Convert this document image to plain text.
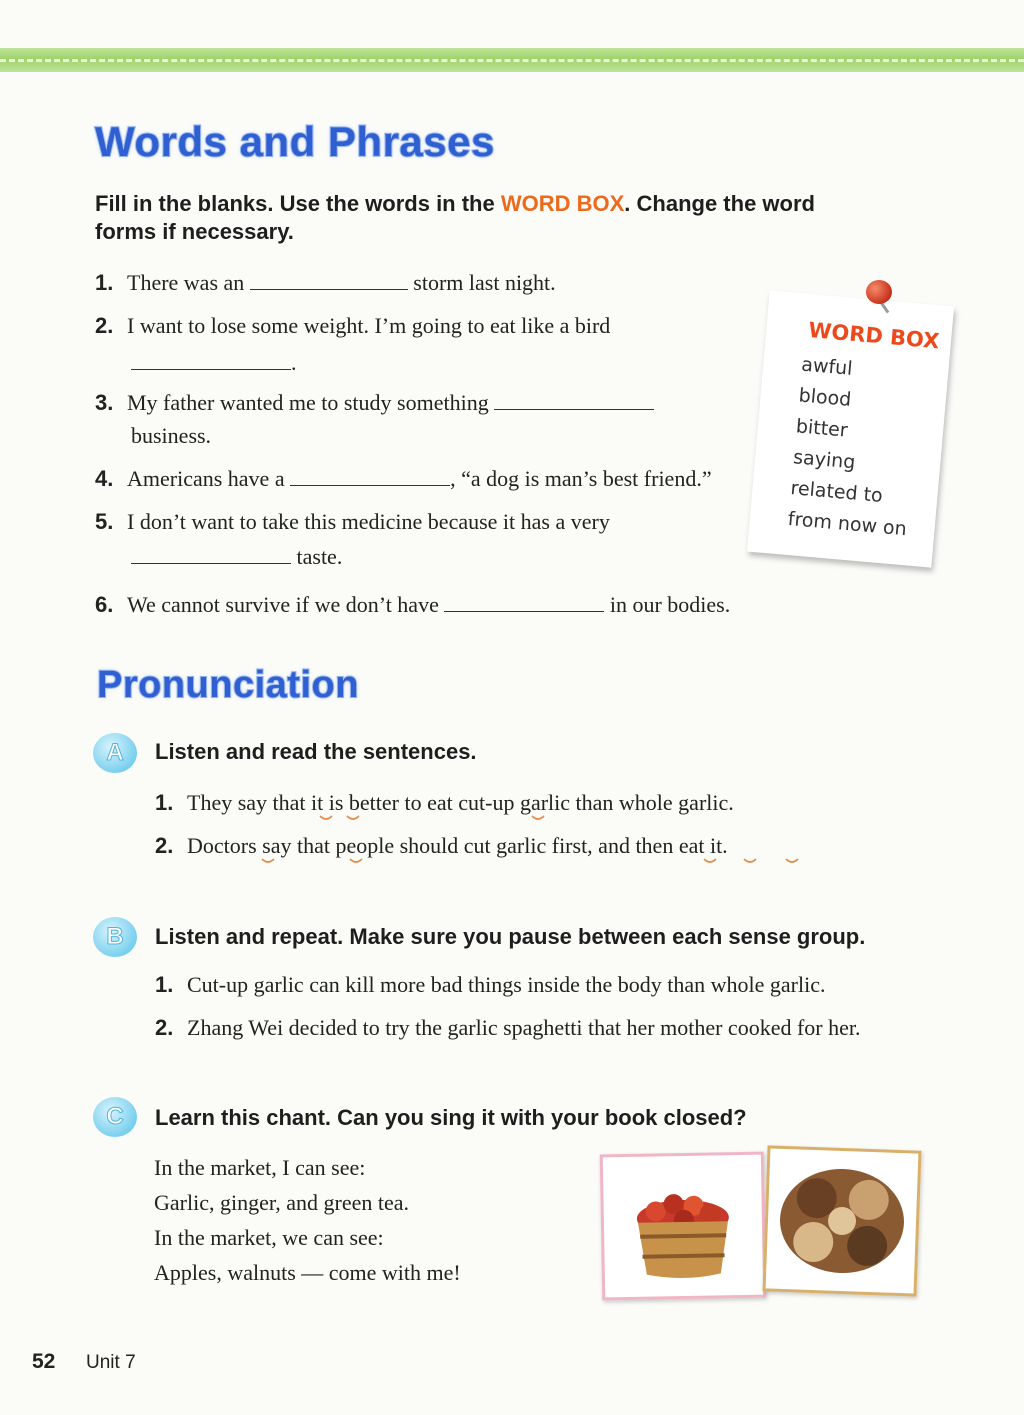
Words and Phrases
Fill in the blanks. Use the words in the WORD BOX. Change the word
forms if necessary.
1. There was an	storm last night.
2. I want to lose some weight. I’m going to eat like a bird
.
3. My father wanted me to study something
business.
4. Americans have a	, “a dog is man’s best friend.”
5. I don’t want to take this medicine because it has a very
taste.
6. We cannot survive if we don’t have	in our bodies.
WORD BOX
awful
blood
bitter
saying
related to
from now on
Pronunciation
A	Listen and read the sentences.
1. They say that it is better to eat cut-up garlic than whole garlic.
2. Doctors say that people should cut garlic first, and then eat it.
B	Listen and repeat. Make sure you pause between each sense group.
1. Cut-up garlic can kill more bad things inside the body than whole garlic.
2. Zhang Wei decided to try the garlic spaghetti that her mother cooked for her.
C	Learn this chant. Can you sing it with your book closed?
In the market, I can see:
Garlic, ginger, and green tea.
In the market, we can see:
Apples, walnuts — come with me!
52 Unit 7
